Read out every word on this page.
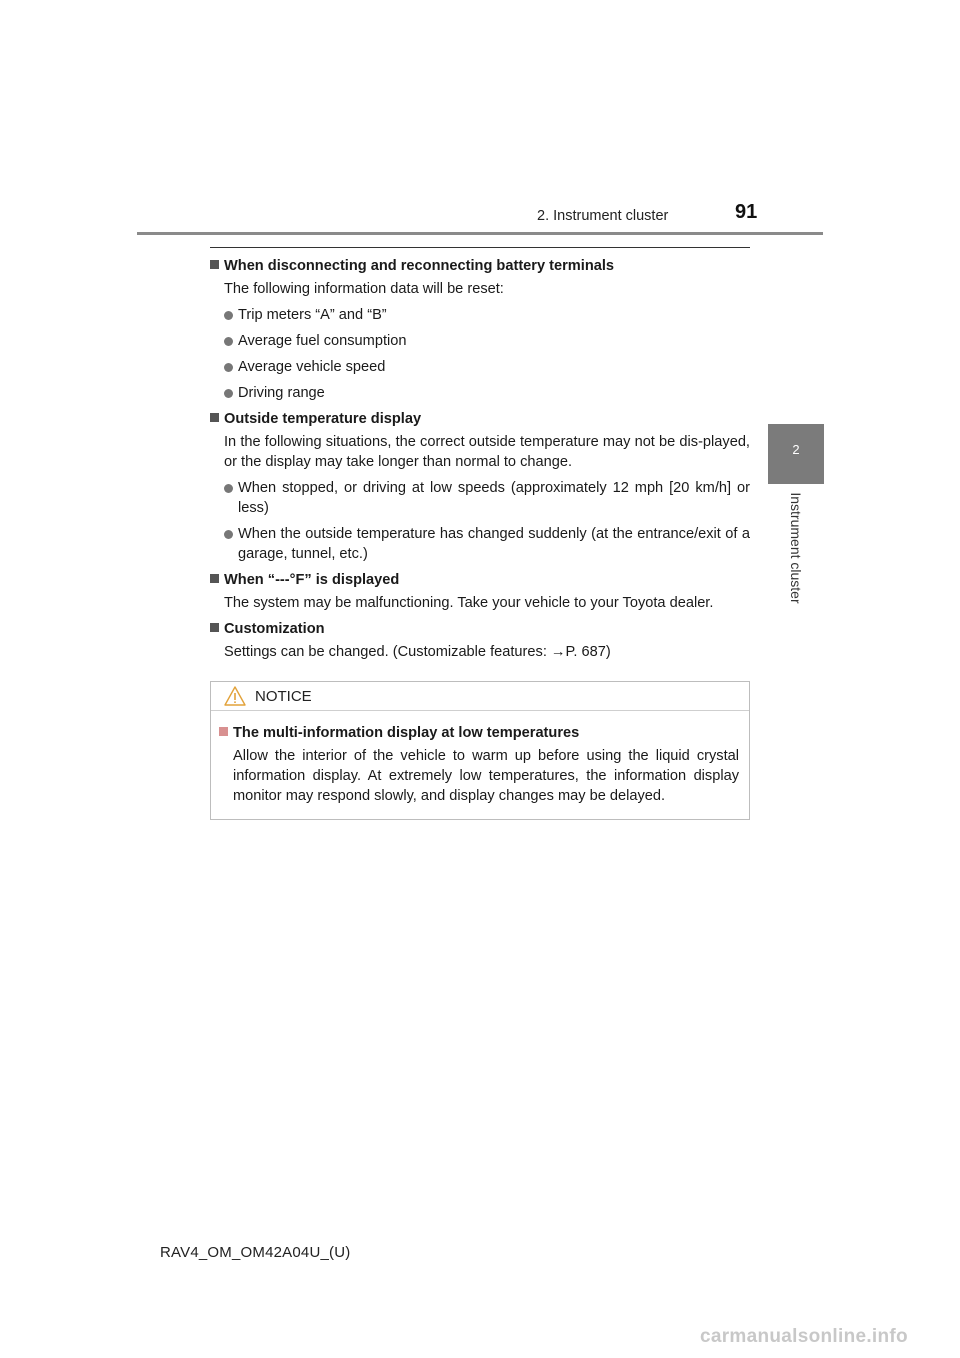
2. Instrument cluster	91
2
Instrument cluster

When disconnecting and reconnecting battery terminals

The following information data will be reset:

Trip meters “A” and “B”
Average fuel consumption
Average vehicle speed
Driving range

Outside temperature display

In the following situations, the correct outside temperature may not be dis-played, or the display may take longer than normal to change.

When stopped, or driving at low speeds (approximately 12 mph [20 km/h] or less)
When the outside temperature has changed suddenly (at the entrance/exit of a garage, tunnel, etc.)

When “---°F” is displayed

The system may be malfunctioning. Take your vehicle to your Toyota dealer.

Customization

Settings can be changed. (Customizable features: →P. 687)

NOTICE

The multi-information display at low temperatures

Allow the interior of the vehicle to warm up before using the liquid crystal information display. At extremely low temperatures, the information display monitor may respond slowly, and display changes may be delayed.

RAV4_OM_OM42A04U_(U)
carmanualsonline.info
